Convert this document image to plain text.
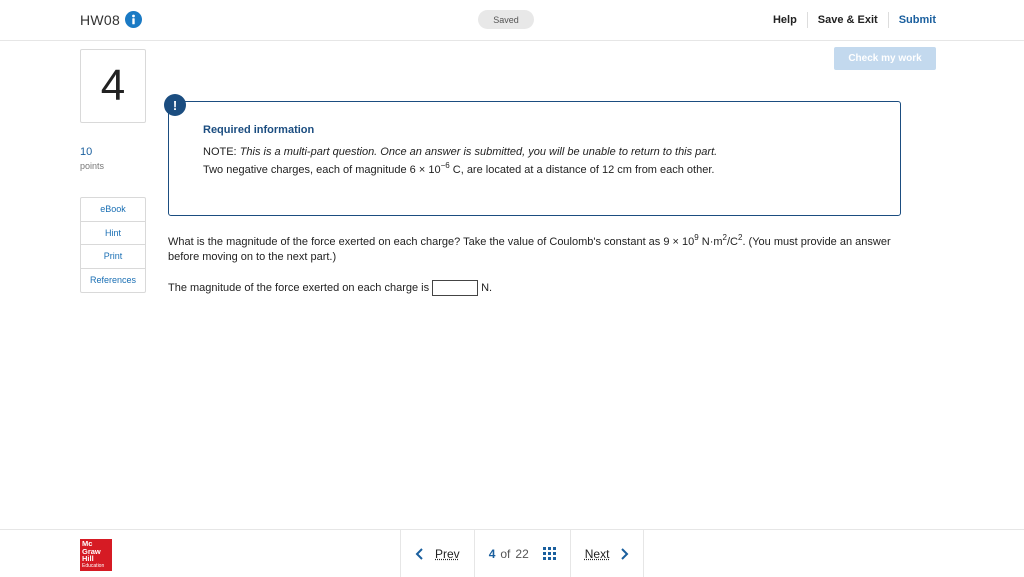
HW08	Saved	Help	Save & Exit	Submit
4
10
points
eBook
Hint
Print
References
Check my work
!
Required information
NOTE: This is a multi-part question. Once an answer is submitted, you will be unable to return to this part.
Two negative charges, each of magnitude $6 \times 10^{-6}$ C, are located at a distance of 12 cm from each other.
What is the magnitude of the force exerted on each charge? Take the value of Coulomb's constant as $9 \times 10^9$ $N\cdot m^2/C^2$. (You must provide an answer before moving on to the next part.)
The magnitude of the force exerted on each charge is	N.
Mc
Graw
Hill
Education
Prev 4 of 22	Next
